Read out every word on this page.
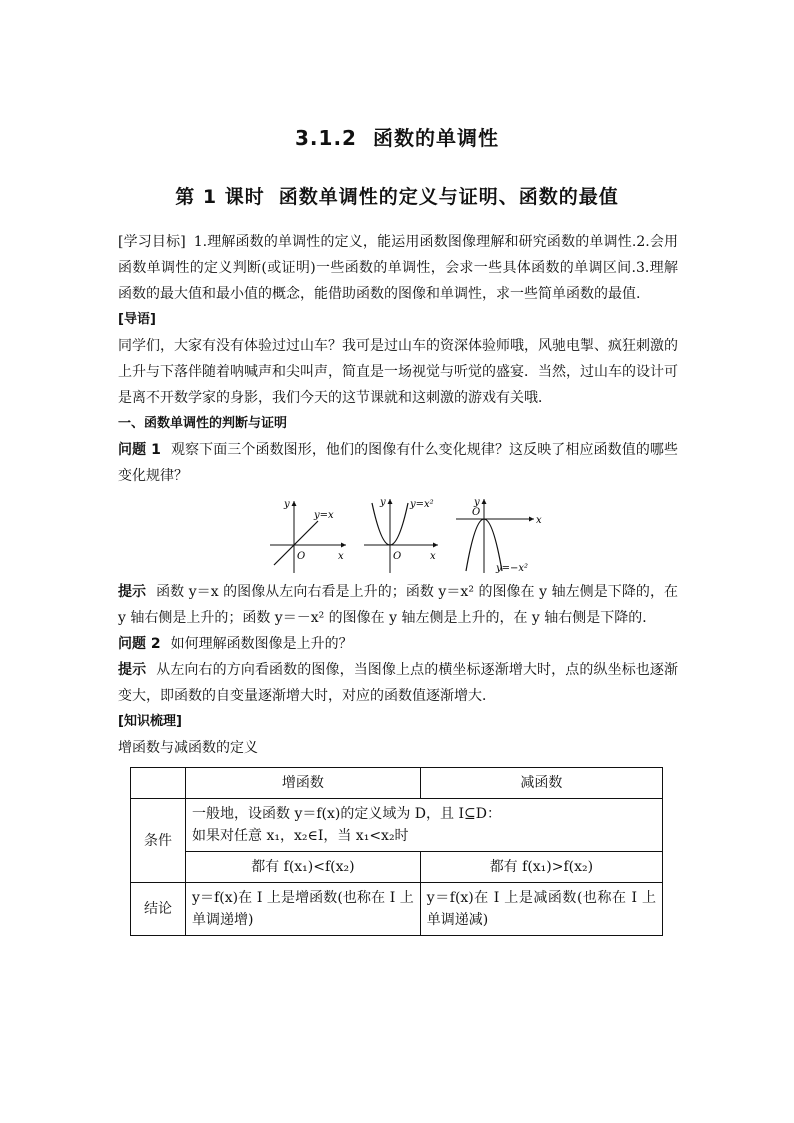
3.1.2 函数的单调性
第 1 课时 函数单调性的定义与证明、函数的最值

[学习目标] 1.理解函数的单调性的定义，能运用函数图像理解和研究函数的单调性.2.会用函数单调性的定义判断(或证明)一些函数的单调性，会求一些具体函数的单调区间.3.理解函数的最大值和最小值的概念，能借助函数的图像和单调性，求一些简单函数的最值.

[导语]

同学们，大家有没有体验过过山车？我可是过山车的资深体验师哦，风驰电掣、疯狂刺激的上升与下落伴随着呐喊声和尖叫声，简直是一场视觉与听觉的盛宴．当然，过山车的设计可是离不开数学家的身影，我们今天的这节课就和这刺激的游戏有关哦．

一、函数单调性的判断与证明

问题 1 观察下面三个函数图形，他们的图像有什么变化规律？这反映了相应函数值的哪些变化规律？

y
x
O
y=x
y
x
O
y=x²	y
x
O
y=−x²

提示 函数 y＝x 的图像从左向右看是上升的；函数 y＝x² 的图像在 y 轴左侧是下降的，在 y 轴右侧是上升的；函数 y＝－x² 的图像在 y 轴左侧是上升的，在 y 轴右侧是下降的．

问题 2 如何理解函数图像是上升的？

提示 从左向右的方向看函数的图像，当图像上点的横坐标逐渐增大时，点的纵坐标也逐渐变大，即函数的自变量逐渐增大时，对应的函数值逐渐增大．

[知识梳理]

增函数与减函数的定义

	增函数	减函数
条件	一般地，设函数 y＝f(x)的定义域为 D，且 I⊆D：
如果对任意 x₁，x₂∈I，当 x₁<x₂时	

	都有 f(x₁)<f(x₂)	都有 f(x₁)>f(x₂)
结论	y＝f(x)在 I 上是增函数(也称在 I 上单调递增)	y＝f(x)在 I 上是减函数(也称在 I 上单调递减)
